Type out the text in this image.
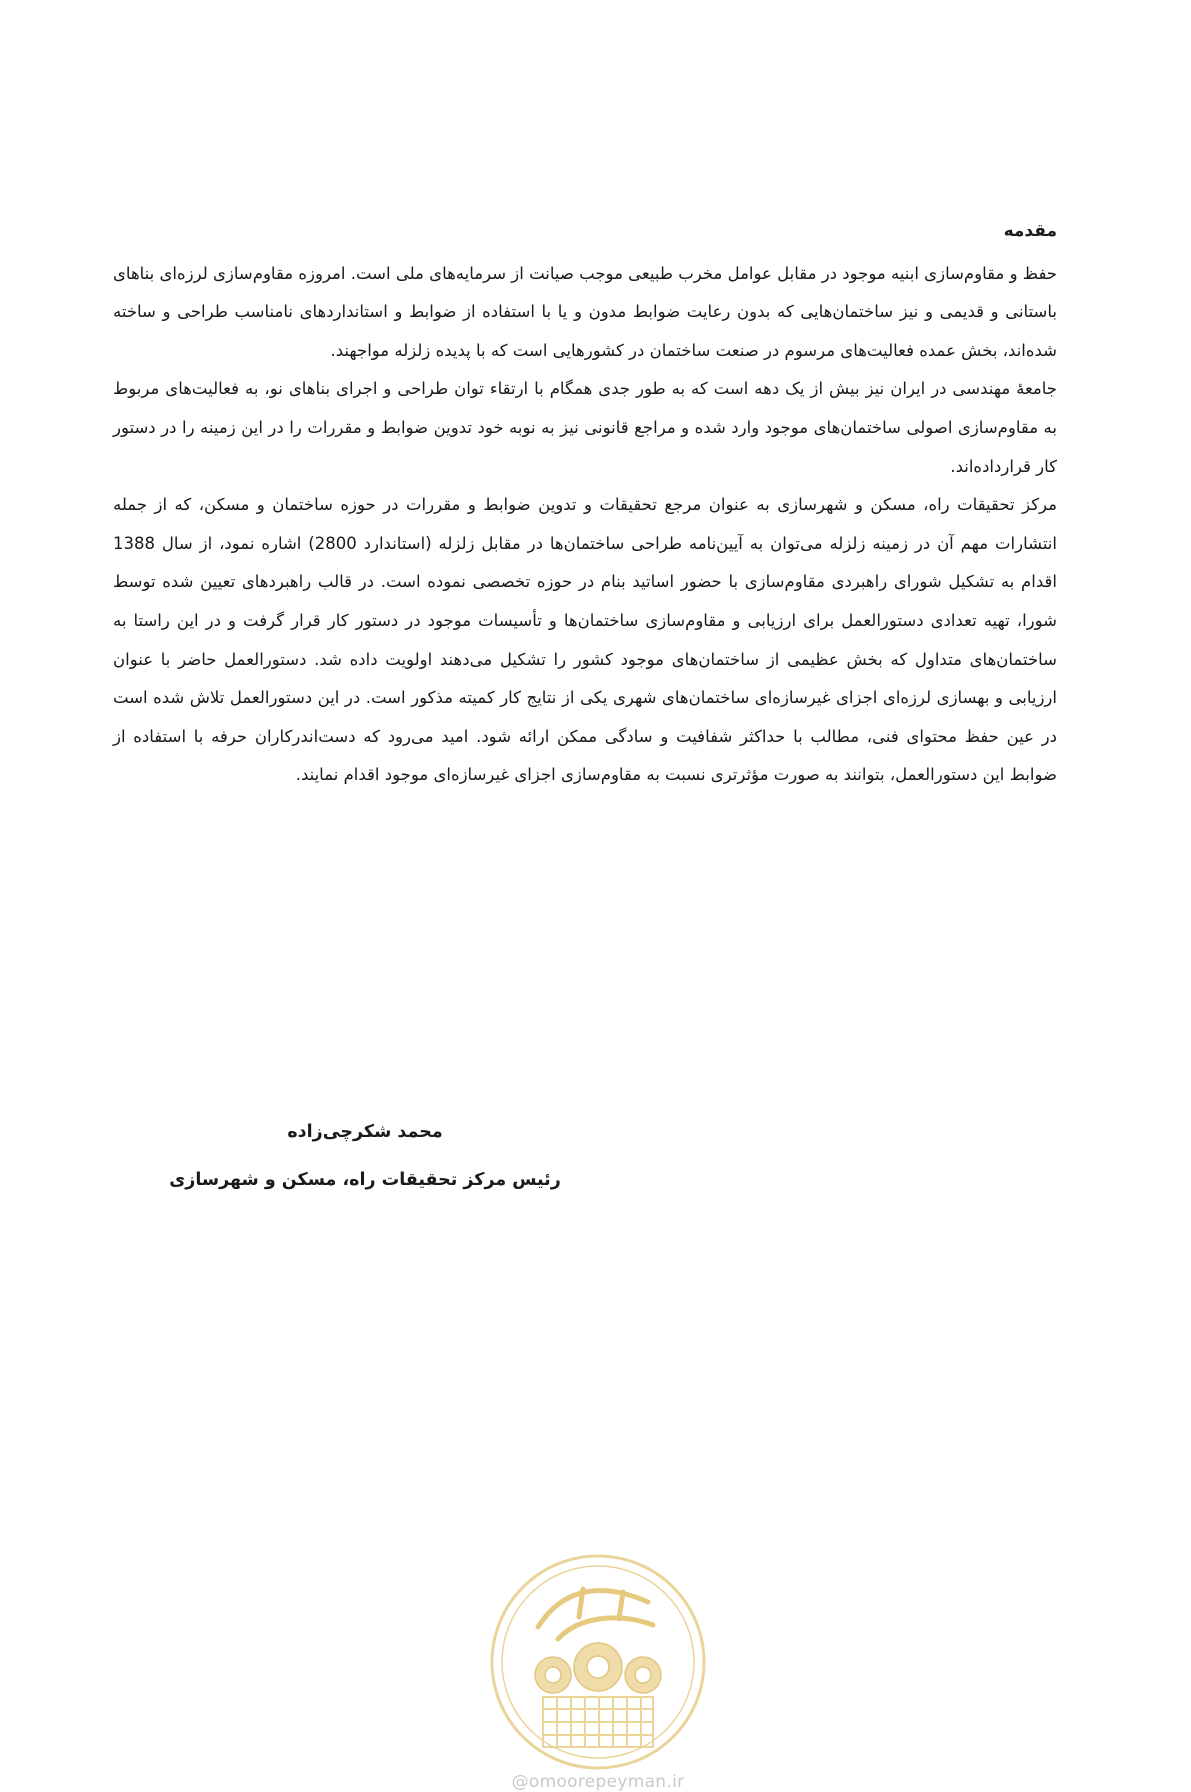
مقدمه

حفظ و مقاوم‌سازی ابنیه موجود در مقابل عوامل مخرب طبیعی موجب صیانت از سرمایه‌های ملی است. امروزه مقاوم‌سازی لرزه‌ای بناهای باستانی و قدیمی و نیز ساختمان‌هایی که بدون رعایت ضوابط مدون و یا با استفاده از ضوابط و استانداردهای نامناسب طراحی و ساخته شده‌اند، بخش عمده فعالیت‌های مرسوم در صنعت ساختمان در کشورهایی است که با پدیده زلزله مواجهند.

جامعهٔ مهندسی در ایران نیز بیش از یک دهه است که به طور جدی همگام با ارتقاء توان طراحی و اجرای بناهای نو، به فعالیت‌های مربوط به مقاوم‌سازی اصولی ساختمان‌های موجود وارد شده و مراجع قانونی نیز به نوبه خود تدوین ضوابط و مقررات را در این زمینه را در دستور کار قرارداده‌اند.

مرکز تحقیقات راه، مسکن و شهرسازی به عنوان مرجع تحقیقات و تدوین ضوابط و مقررات در حوزه ساختمان و مسکن، که از جمله انتشارات مهم آن در زمینه زلزله می‌توان به آیین‌نامه طراحی ساختمان‌ها در مقابل زلزله (استاندارد 2800) اشاره نمود، از سال 1388 اقدام به تشکیل شورای راهبردی مقاوم‌سازی با حضور اساتید بنام در حوزه تخصصی نموده است. در قالب راهبردهای تعیین شده توسط شورا، تهیه تعدادی دستورالعمل برای ارزیابی و مقاوم‌سازی ساختمان‌ها و تأسیسات موجود در دستور کار قرار گرفت و در این راستا به ساختمان‌های متداول که بخش عظیمی از ساختمان‌های موجود کشور را تشکیل می‌دهند اولویت داده شد. دستورالعمل حاضر با عنوان ارزیابی و بهسازی لرزه‌ای اجزای غیرسازه‌ای ساختمان‌های شهری یکی از نتایج کار کمیته مذکور است. در این دستورالعمل تلاش شده است در عین حفظ محتوای فنی، مطالب با حداکثر شفافیت و سادگی ممکن ارائه شود. امید می‌رود که دست‌اندرکاران حرفه با استفاده از ضوابط این دستورالعمل، بتوانند به صورت مؤثرتری نسبت به مقاوم‌سازی اجزای غیرسازه‌ای موجود اقدام نمایند.

محمد شکرچی‌زاده
رئیس مرکز تحقیقات راه، مسکن و شهرسازی
@omoorepeyman.ir
